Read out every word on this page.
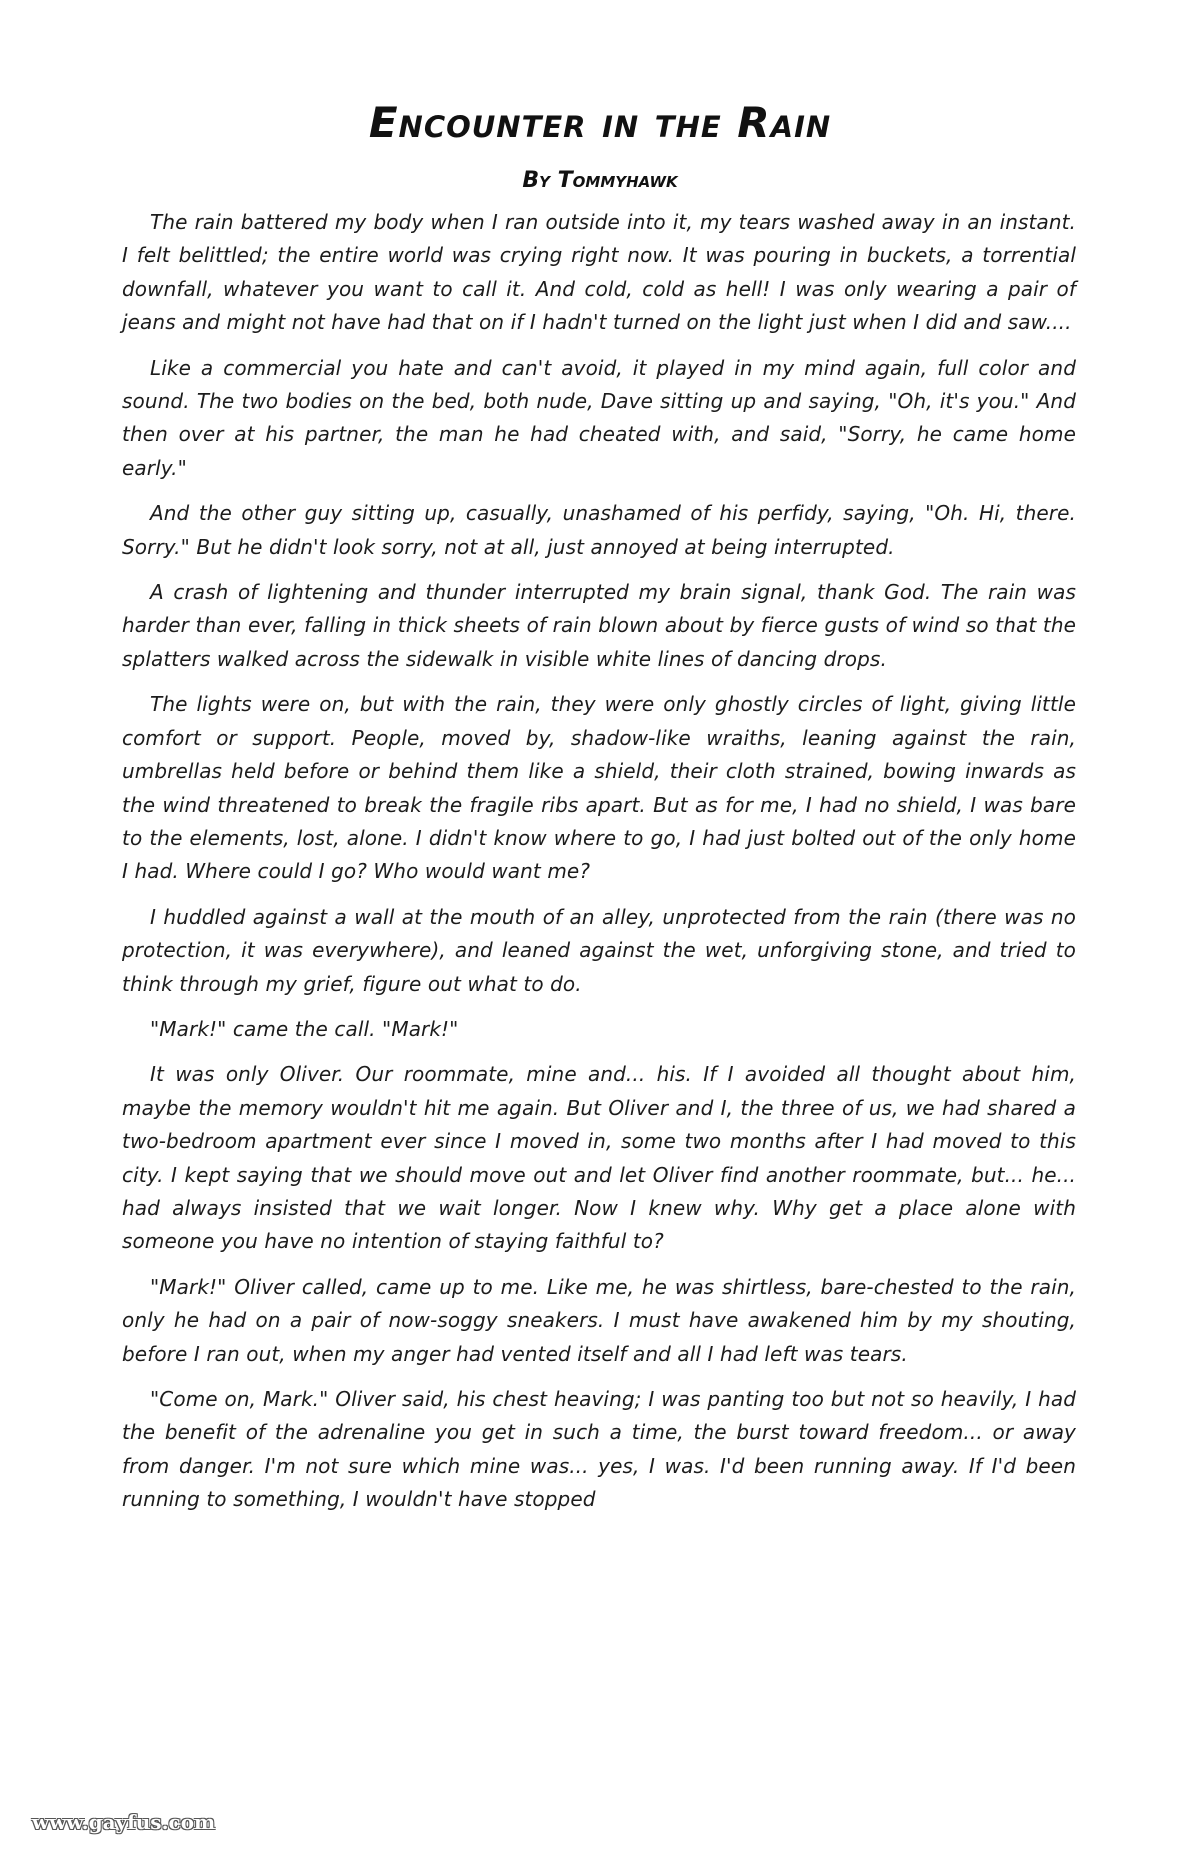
Encounter in the Rain
By Tommyhawk

The rain battered my body when I ran outside into it, my tears washed away in an instant. I felt belittled; the entire world was crying right now. It was pouring in buckets, a torrential downfall, whatever you want to call it. And cold, cold as hell! I was only wearing a pair of jeans and might not have had that on if I hadn't turned on the light just when I did and saw....

Like a commercial you hate and can't avoid, it played in my mind again, full color and sound. The two bodies on the bed, both nude, Dave sitting up and saying, "Oh, it's you." And then over at his partner, the man he had cheated with, and said, "Sorry, he came home early."

And the other guy sitting up, casually, unashamed of his perfidy, saying, "Oh. Hi, there. Sorry." But he didn't look sorry, not at all, just annoyed at being interrupted.

A crash of lightening and thunder interrupted my brain signal, thank God. The rain was harder than ever, falling in thick sheets of rain blown about by fierce gusts of wind so that the splatters walked across the sidewalk in visible white lines of dancing drops.

The lights were on, but with the rain, they were only ghostly circles of light, giving little comfort or support. People, moved by, shadow-like wraiths, leaning against the rain, umbrellas held before or behind them like a shield, their cloth strained, bowing inwards as the wind threatened to break the fragile ribs apart. But as for me, I had no shield, I was bare to the elements, lost, alone. I didn't know where to go, I had just bolted out of the only home I had. Where could I go? Who would want me?

I huddled against a wall at the mouth of an alley, unprotected from the rain (there was no protection, it was everywhere), and leaned against the wet, unforgiving stone, and tried to think through my grief, figure out what to do.

"Mark!" came the call. "Mark!"

It was only Oliver. Our roommate, mine and... his. If I avoided all thought about him, maybe the memory wouldn't hit me again. But Oliver and I, the three of us, we had shared a two-bedroom apartment ever since I moved in, some two months after I had moved to this city. I kept saying that we should move out and let Oliver find another roommate, but... he... had always insisted that we wait longer. Now I knew why. Why get a place alone with someone you have no intention of staying faithful to?

"Mark!" Oliver called, came up to me. Like me, he was shirtless, bare-chested to the rain, only he had on a pair of now-soggy sneakers. I must have awakened him by my shouting, before I ran out, when my anger had vented itself and all I had left was tears.

"Come on, Mark." Oliver said, his chest heaving; I was panting too but not so heavily, I had the benefit of the adrenaline you get in such a time, the burst toward freedom... or away from danger. I'm not sure which mine was... yes, I was. I'd been running away. If I'd been running to something, I wouldn't have stopped

www.gayfus.com
